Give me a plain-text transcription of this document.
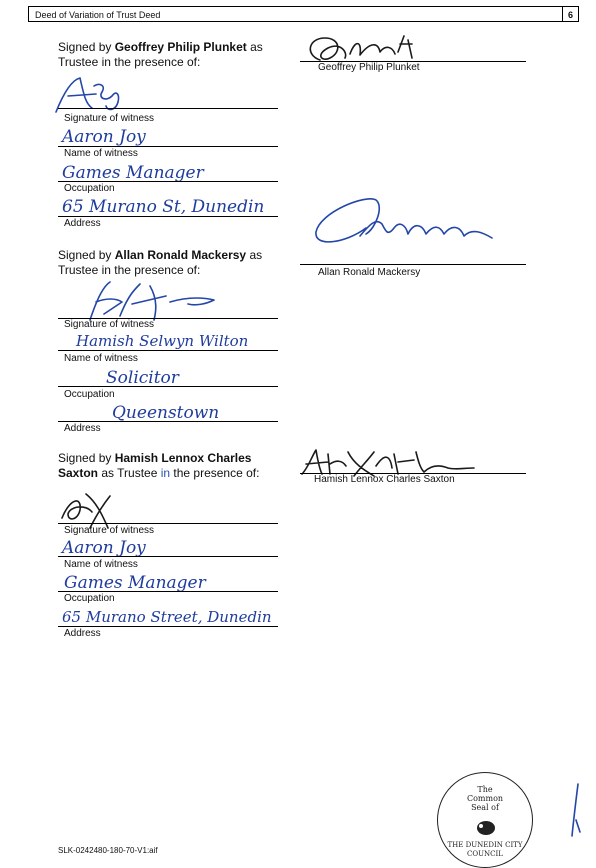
Deed of Variation of Trust Deed	6
Signed by Geoffrey Philip Plunket as
Trustee in the presence of:	Geoffrey Philip Plunket
Signature of witness
Aaron Joy
Name of witness
Games Manager
Occupation
65 Murano St, Dunedin
Address
Signed by Allan Ronald Mackersy as
Trustee in the presence of:	Allan Ronald Mackersy
Signature of witness
Hamish Selwyn Wilton
Name of witness
Solicitor
Occupation
Queenstown
Address
Signed by Hamish Lennox Charles
Saxton as Trustee in the presence of:	Hamish Lennox Charles Saxton
Signature of witness
Aaron Joy
Name of witness
Games Manager
Occupation
65 Murano Street, Dunedin
Address
The
Common
Seal of
THE DUNEDIN CITY
COUNCIL
SLK-0242480-180-70-V1:aif
